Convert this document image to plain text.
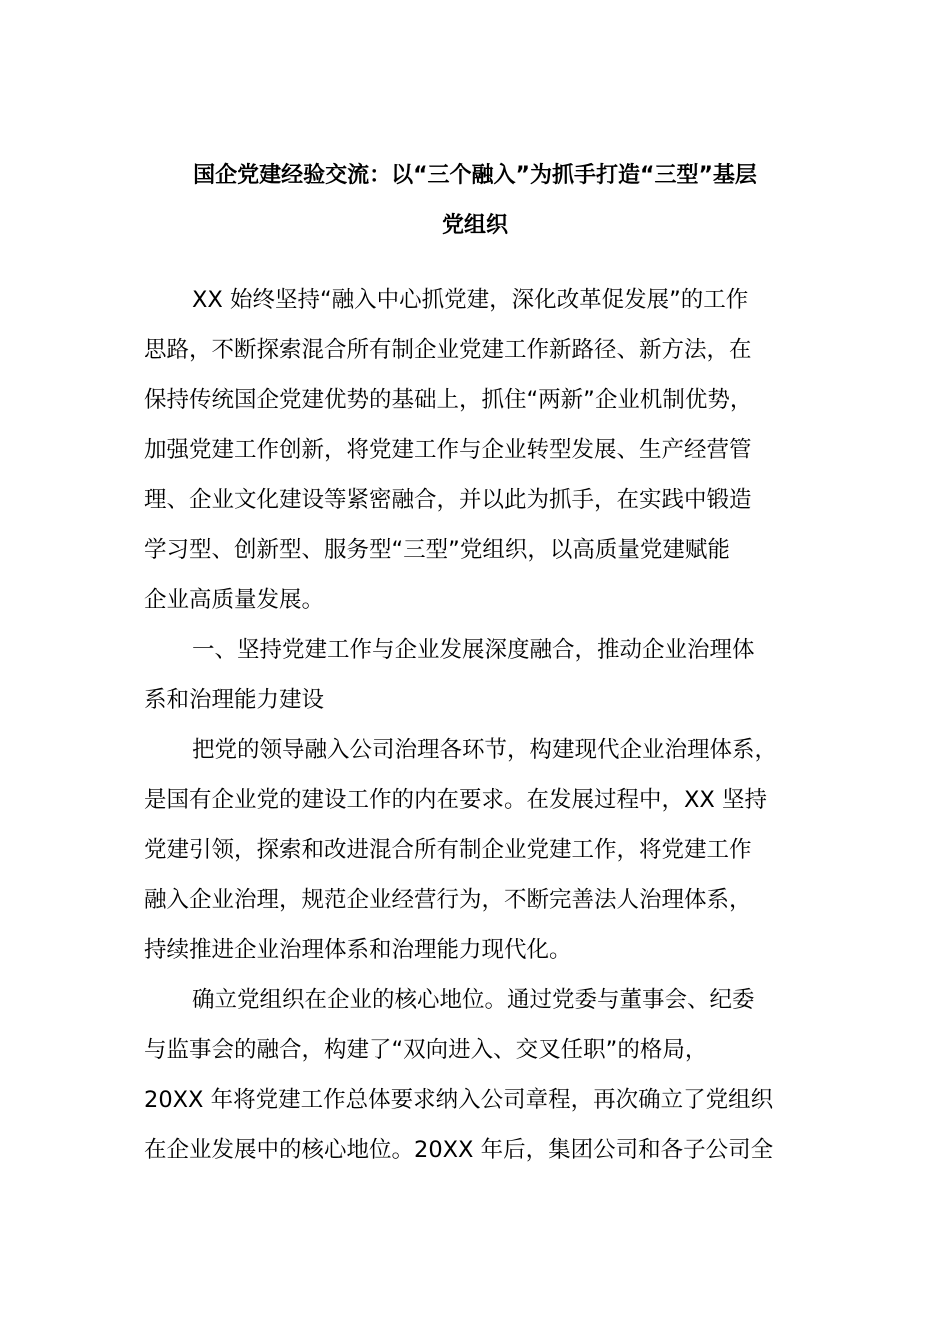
国企党建经验交流：以“三个融入”为抓手打造“三型”基层
党组织
XX 始终坚持“融入中心抓党建，深化改革促发展”的工作
思路，不断探索混合所有制企业党建工作新路径、新方法，在
保持传统国企党建优势的基础上，抓住“两新”企业机制优势，
加强党建工作创新，将党建工作与企业转型发展、生产经营管
理、企业文化建设等紧密融合，并以此为抓手，在实践中锻造
学习型、创新型、服务型“三型”党组织，以高质量党建赋能
企业高质量发展。
一、坚持党建工作与企业发展深度融合，推动企业治理体
系和治理能力建设
把党的领导融入公司治理各环节，构建现代企业治理体系，
是国有企业党的建设工作的内在要求。在发展过程中，XX 坚持
党建引领，探索和改进混合所有制企业党建工作，将党建工作
融入企业治理，规范企业经营行为，不断完善法人治理体系，
持续推进企业治理体系和治理能力现代化。
确立党组织在企业的核心地位。通过党委与董事会、纪委
与监事会的融合，构建了“双向进入、交叉任职”的格局，
20XX 年将党建工作总体要求纳入公司章程，再次确立了党组织
在企业发展中的核心地位。20XX 年后，集团公司和各子公司全
